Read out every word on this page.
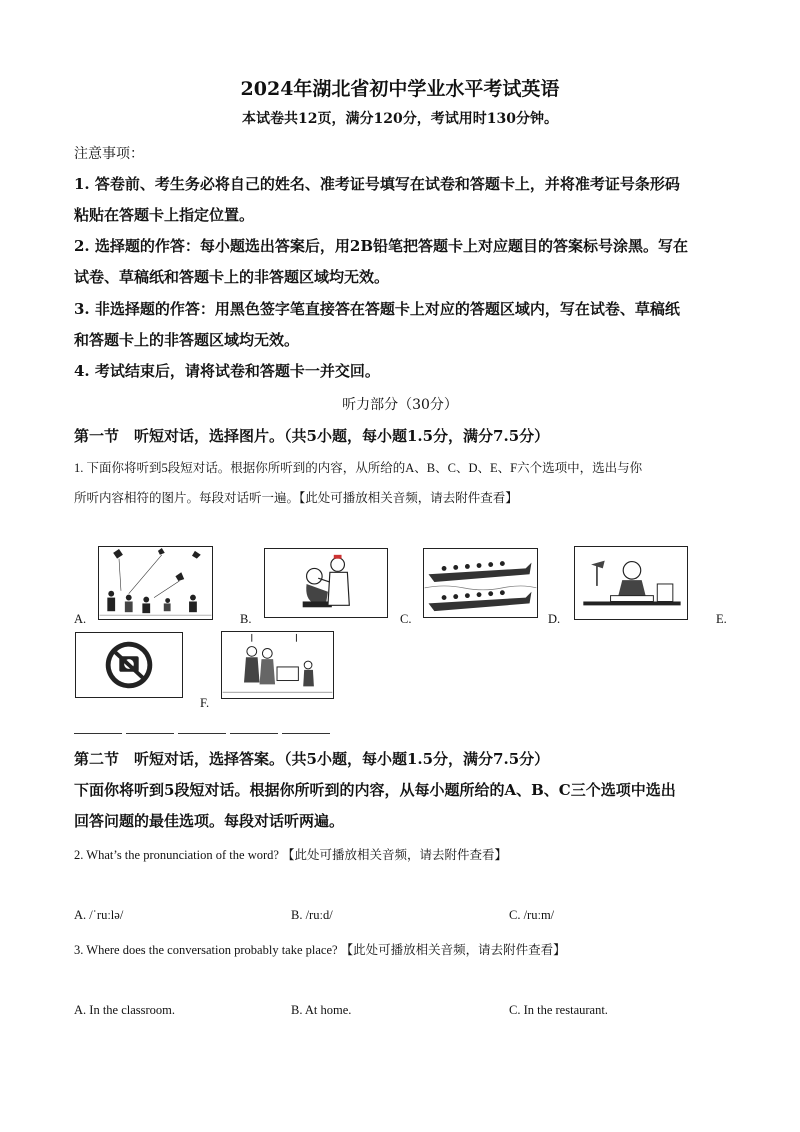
2024年湖北省初中学业水平考试英语
本试卷共12页，满分120分，考试用时130分钟。
注意事项：
1. 答卷前、考生务必将自己的姓名、准考证号填写在试卷和答题卡上，并将准考证号条形码
粘贴在答题卡上指定位置。
2. 选择题的作答：每小题选出答案后，用2B铅笔把答题卡上对应题目的答案标号涂黑。写在
试卷、草稿纸和答题卡上的非答题区域均无效。
3. 非选择题的作答：用黑色签字笔直接答在答题卡上对应的答题区域内，写在试卷、草稿纸
和答题卡上的非答题区域均无效。
4. 考试结束后，请将试卷和答题卡一并交回。
听力部分（30分）
第一节　听短对话，选择图片。（共5小题，每小题1.5分，满分7.5分）
1. 下面你将听到5段短对话。根据你所听到的内容，从所给的A、B、C、D、E、F六个选项中，选出与你
所听内容相符的图片。每段对话听一遍。【此处可播放相关音频，请去附件查看】
A.	B.	C.	D.	E.
F.
第二节　听短对话，选择答案。（共5小题，每小题1.5分，满分7.5分）
下面你将听到5段短对话。根据你所听到的内容，从每小题所给的A、B、C三个选项中选出
回答问题的最佳选项。每段对话听两遍。
2. What’s the pronunciation of the word? 【此处可播放相关音频，请去附件查看】
A. /ˈruːlə/	B. /ruːd/	C. /ruːm/
3. Where does the conversation probably take place? 【此处可播放相关音频，请去附件查看】
A. In the classroom.	B. At home.	C. In the restaurant.
